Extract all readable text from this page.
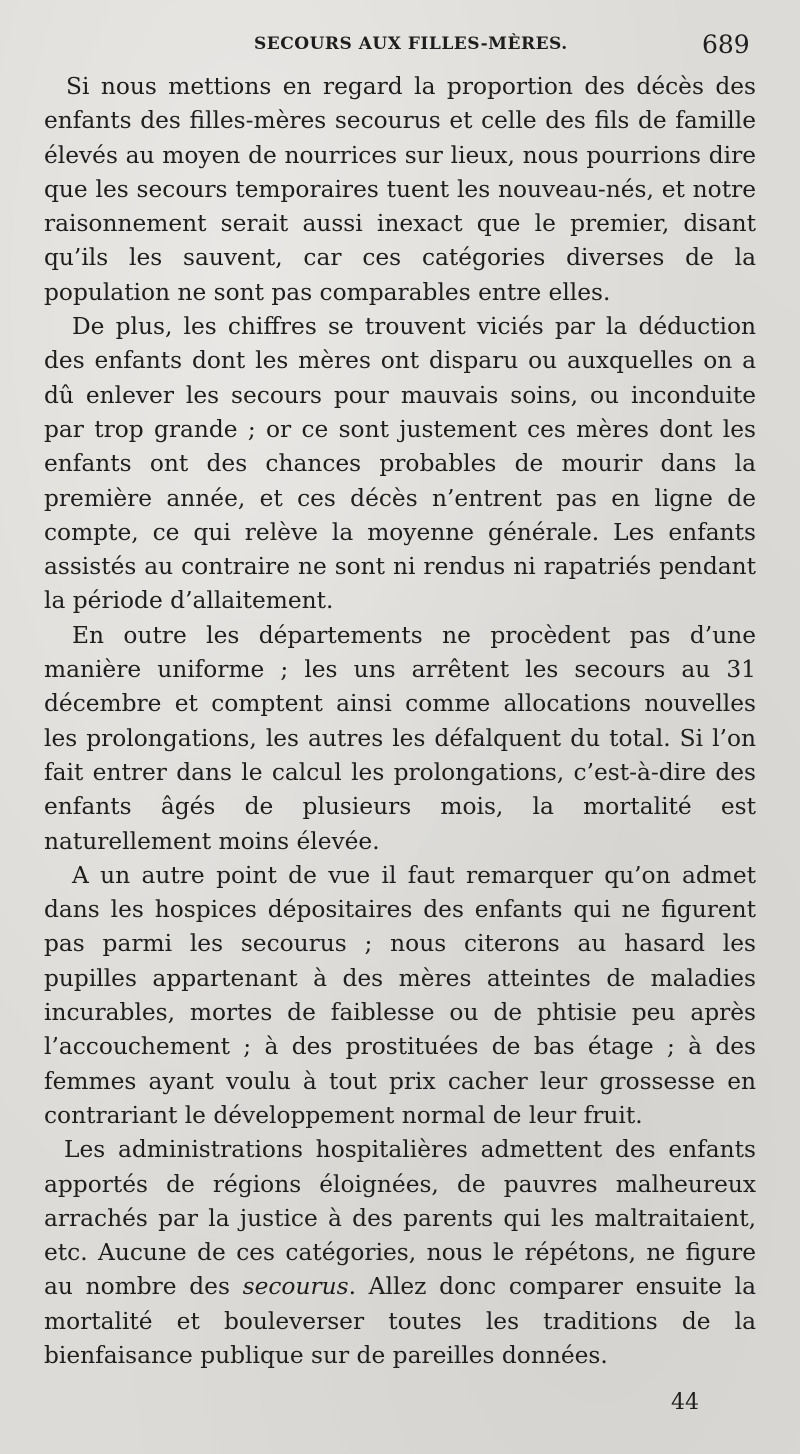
SECOURS AUX FILLES-MÈRES.	689

Si nous mettions en regard la proportion des décès des enfants des filles-mères secourus et celle des fils de famille élevés au moyen de nourrices sur lieux, nous pourrions dire que les secours temporaires tuent les nouveau-nés, et notre raisonnement serait aussi inexact que le premier, disant qu’ils les sauvent, car ces catégories diverses de la population ne sont pas comparables entre elles.

De plus, les chiffres se trouvent viciés par la déduction des enfants dont les mères ont disparu ou auxquelles on a dû enlever les secours pour mauvais soins, ou inconduite par trop grande ; or ce sont justement ces mères dont les enfants ont des chances probables de mourir dans la première année, et ces décès n’entrent pas en ligne de compte, ce qui relève la moyenne générale. Les enfants assistés au contraire ne sont ni rendus ni rapatriés pendant la période d’allaitement.

En outre les départements ne procèdent pas d’une manière uniforme ; les uns arrêtent les secours au 31 décembre et comptent ainsi comme allocations nouvelles les prolongations, les autres les défalquent du total. Si l’on fait entrer dans le calcul les prolongations, c’est-à-dire des enfants âgés de plusieurs mois, la mortalité est naturellement moins élevée.

A un autre point de vue il faut remarquer qu’on admet dans les hospices dépositaires des enfants qui ne figurent pas parmi les secourus ; nous citerons au hasard les pupilles appartenant à des mères atteintes de maladies incurables, mortes de faiblesse ou de phtisie peu après l’accouchement ; à des prostituées de bas étage ; à des femmes ayant voulu à tout prix cacher leur grossesse en contrariant le développement normal de leur fruit.

Les administrations hospitalières admettent des enfants apportés de régions éloignées, de pauvres malheureux arrachés par la justice à des parents qui les maltraitaient, etc. Aucune de ces catégories, nous le répétons, ne figure au nombre des secourus. Allez donc comparer ensuite la mortalité et bouleverser toutes les traditions de la bienfaisance publique sur de pareilles données.

44
